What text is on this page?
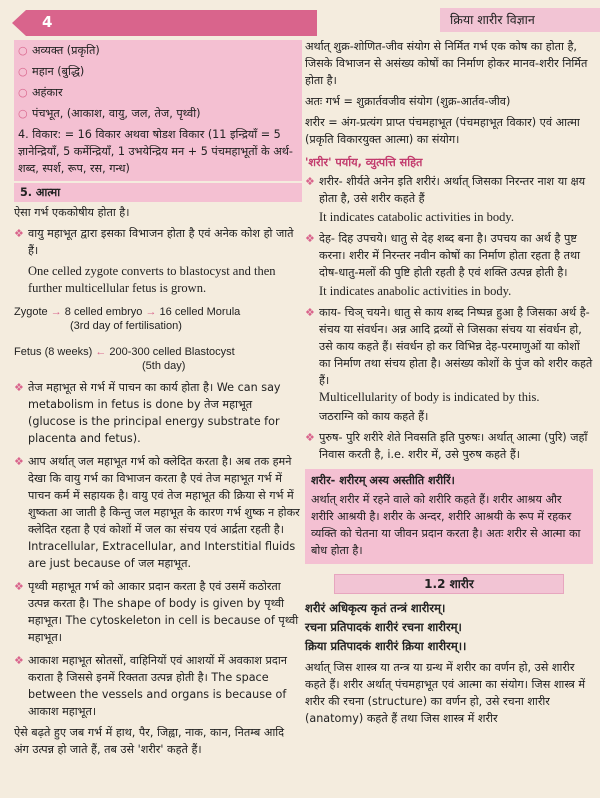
4	क्रिया शारीर विज्ञान
○ अव्यक्त (प्रकृति)
○ महान (बुद्धि)
○ अहंकार
○ पंचभूत, (आकाश, वायु, जल, तेज, पृथ्वी)

4. विकार: = 16 विकार अथवा षोडश विकार (11 इन्द्रियाँ = 5 ज्ञानेन्द्रियाँ, 5 कर्मेन्द्रियाँ, 1 उभयेन्द्रिय मन + 5 पंचमहाभूतों के अर्थ- शब्द, स्पर्श, रूप, रस, गन्ध)

5. आत्मा

ऐसा गर्भ एककोषीय होता है।

❖ वायु महाभूत द्वारा इसका विभाजन होता है एवं अनेक कोश हो जाते हैं।

One celled zygote converts to blastocyst and then further multicellular fetus is grown.

Zygote → 8 celled embryo → 16 celled Morula
(3rd day of fertilisation)
Fetus (8 weeks) ← 200-300 celled Blastocyst
(5th day)
❖ तेज महाभूत से गर्भ में पाचन का कार्य होता है। We can say metabolism in fetus is done by तेज महाभूत (glucose is the principal energy substrate for placenta and fetus).
❖ आप अर्थात् जल महाभूत गर्भ को क्लेदित करता है। अब तक हमने देखा कि वायु गर्भ का विभाजन करता है एवं तेज महाभूत गर्भ में पाचन कर्म में सहायक है। वायु एवं तेज महाभूत की क्रिया से गर्भ में शुष्कता आ जाती है किन्तु जल महाभूत के कारण गर्भ शुष्क न होकर क्लेदित रहता है एवं कोशों में जल का संचय एवं आर्द्रता रहती है। Intracellular, Extracellular, and Interstitial fluids are just because of जल महाभूत.
❖ पृथ्वी महाभूत गर्भ को आकार प्रदान करता है एवं उसमें कठोरता उत्पन्न करता है। The shape of body is given by पृथ्वी महाभूत। The cytoskeleton in cell is because of पृथ्वी महाभूत।
❖ आकाश महाभूत स्रोतसों, वाहिनियों एवं आशयों में अवकाश प्रदान कराता है जिससे इनमें रिक्तता उत्पन्न होती है। The space between the vessels and organs is because of आकाश महाभूत।

ऐसे बढ़ते हुए जब गर्भ में हाथ, पैर, जिह्वा, नाक, कान, नितम्ब आदि अंग उत्पन्न हो जाते हैं, तब उसे 'शरीर' कहते हैं।

अर्थात् शुक्र-शोणित-जीव संयोग से निर्मित गर्भ एक कोष का होता है, जिसके विभाजन से असंख्य कोषों का निर्माण होकर मानव-शरीर निर्मित होता है।

अतः गर्भ = शुक्रार्तवजीव संयोग (शुक्र-आर्तव-जीव)

शरीर = अंग-प्रत्यंग प्राप्त पंचमहाभूत (पंचमहाभूत विकार) एवं आत्मा (प्रकृति विकारयुक्त आत्मा) का संयोग।

'शरीर' पर्याय, व्युत्पत्ति सहित

❖ शरीर- शीर्यते अनेन इति शरीरं। अर्थात् जिसका निरन्तर नाश या क्षय होता है, उसे शरीर कहते हैं

It indicates catabolic activities in body.

❖ देह- दिह उपचये। धातु से देह शब्द बना है। उपचय का अर्थ है पुष्ट करना। शरीर में निरन्तर नवीन कोषों का निर्माण होता रहता है तथा दोष-धातु-मलों की पुष्टि होती रहती है एवं शक्ति उत्पन्न होती है।

It indicates anabolic activities in body.

❖ काय- चिञ् चयने। धातु से काय शब्द निष्पन्न हुआ है जिसका अर्थ है- संचय या संवर्धन। अन्न आदि द्रव्यों से जिसका संचय या संवर्धन हो, उसे काय कहते हैं। संवर्धन हो कर विभिन्न देह-परमाणुओं या कोशों का निर्माण तथा संचय होता है। असंख्य कोशों के पुंज को शरीर कहते हैं।

Multicellularity of body is indicated by this.

जठराग्नि को काय कहते हैं।

❖ पुरुष- पुरि शरीरे शेते निवसति इति पुरुषः। अर्थात् आत्मा (पुरि) जहाँ निवास करती है, i.e. शरीर में, उसे पुरुष कहते हैं।

शरीर- शरीरम् अस्य अस्तीति शरीरिं।

अर्थात् शरीर में रहने वाले को शरीरि कहते हैं। शरीर आश्रय और शरीरि आश्रयी है। शरीर के अन्दर, शरीरि आश्रयी के रूप में रहकर व्यक्ति को चेतना या जीवन प्रदान करता है। अतः शरीर से आत्मा का बोध होता है।

1.2 शारीर

शरीरं अधिकृत्य कृतं तन्त्रं शारीरम्।

रचना प्रतिपादकं शारीरं रचना शारीरम्।

क्रिया प्रतिपादकं शारीरं क्रिया शारीरम्।।

अर्थात् जिस शास्त्र या तन्त्र या ग्रन्थ में शरीर का वर्णन हो, उसे शारीर कहते हैं। शरीर अर्थात् पंचमहाभूत एवं आत्मा का संयोग। जिस शास्त्र में शरीर की रचना (structure) का वर्णन हो, उसे रचना शारीर (anatomy) कहते हैं तथा जिस शास्त्र में शरीर
